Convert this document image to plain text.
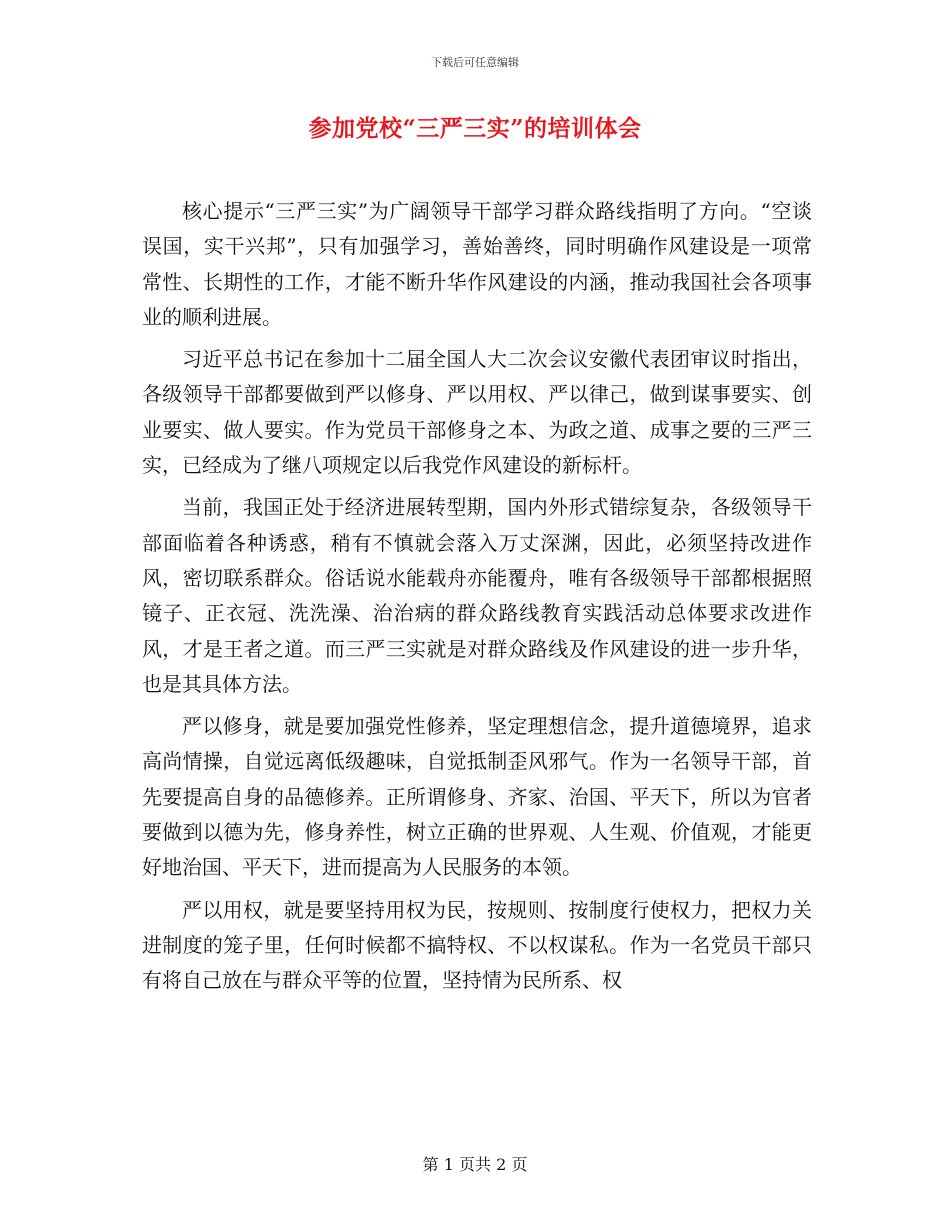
下载后可任意编辑
参加党校“三严三实”的培训体会

核心提示“三严三实”为广阔领导干部学习群众路线指明了方向。“空谈误国，实干兴邦”，只有加强学习，善始善终，同时明确作风建设是一项常常性、长期性的工作，才能不断升华作风建设的内涵，推动我国社会各项事业的顺利进展。

习近平总书记在参加十二届全国人大二次会议安徽代表团审议时指出，各级领导干部都要做到严以修身、严以用权、严以律己，做到谋事要实、创业要实、做人要实。作为党员干部修身之本、为政之道、成事之要的三严三实，已经成为了继八项规定以后我党作风建设的新标杆。

当前，我国正处于经济进展转型期，国内外形式错综复杂，各级领导干部面临着各种诱惑，稍有不慎就会落入万丈深渊，因此，必须坚持改进作风，密切联系群众。俗话说水能载舟亦能覆舟，唯有各级领导干部都根据照镜子、正衣冠、洗洗澡、治治病的群众路线教育实践活动总体要求改进作风，才是王者之道。而三严三实就是对群众路线及作风建设的进一步升华，也是其具体方法。

严以修身，就是要加强党性修养，坚定理想信念，提升道德境界，追求高尚情操，自觉远离低级趣味，自觉抵制歪风邪气。作为一名领导干部，首先要提高自身的品德修养。正所谓修身、齐家、治国、平天下，所以为官者要做到以德为先，修身养性，树立正确的世界观、人生观、价值观，才能更好地治国、平天下，进而提高为人民服务的本领。

严以用权，就是要坚持用权为民，按规则、按制度行使权力，把权力关进制度的笼子里，任何时候都不搞特权、不以权谋私。作为一名党员干部只有将自己放在与群众平等的位置，坚持情为民所系、权

第 1 页共 2 页
